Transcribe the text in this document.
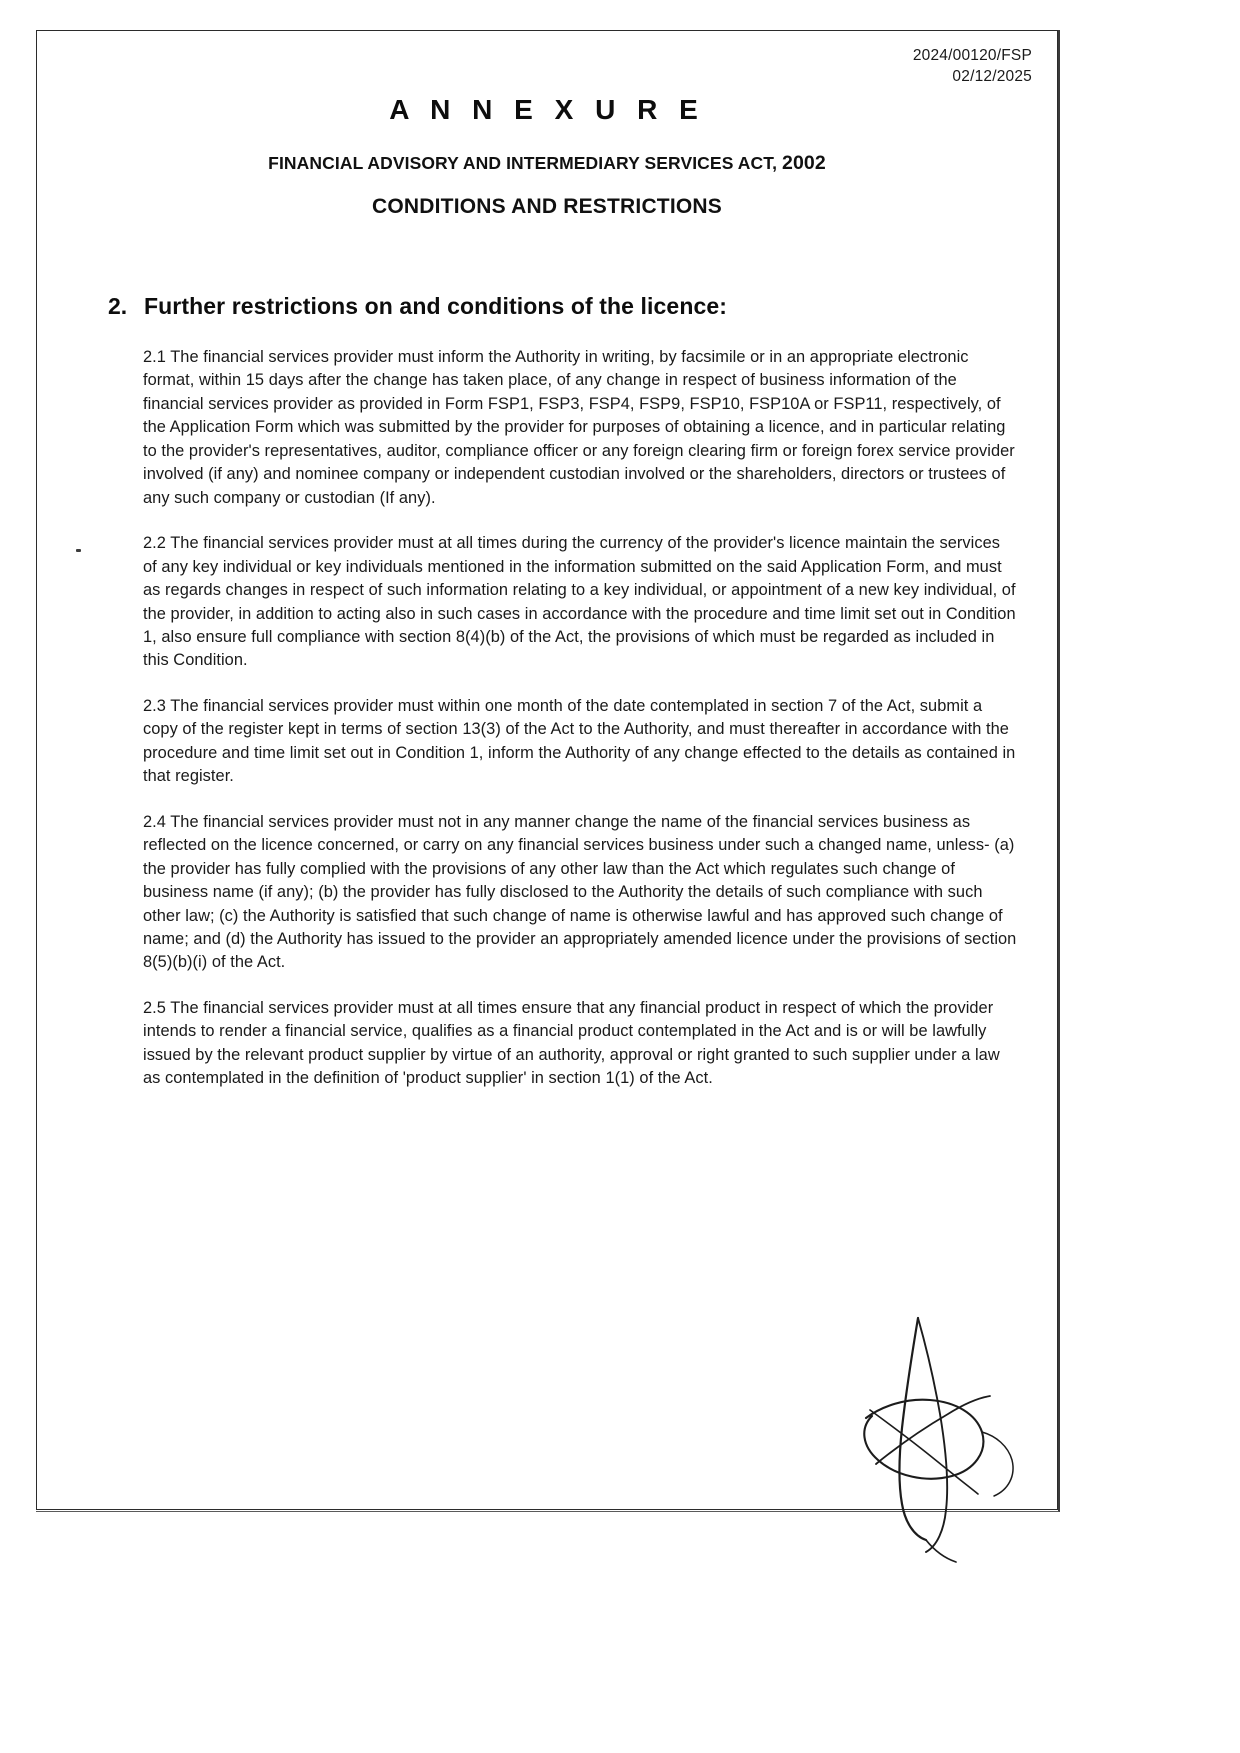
2024/00120/FSP
02/12/2025
A N N E X U R E
FINANCIAL ADVISORY AND INTERMEDIARY SERVICES ACT, 2002
CONDITIONS AND RESTRICTIONS
2. Further restrictions on and conditions of the licence:

2.1 The financial services provider must inform the Authority in writing, by facsimile or in an appropriate electronic format, within 15 days after the change has taken place, of any change in respect of business information of the financial services provider as provided in Form FSP1, FSP3, FSP4, FSP9, FSP10, FSP10A or FSP11, respectively, of the Application Form which was submitted by the provider for purposes of obtaining a licence, and in particular relating to the provider's representatives, auditor, compliance officer or any foreign clearing firm or foreign forex service provider involved (if any) and nominee company or independent custodian involved or the shareholders, directors or trustees of any such company or custodian (If any).

2.2 The financial services provider must at all times during the currency of the provider's licence maintain the services of any key individual or key individuals mentioned in the information submitted on the said Application Form, and must as regards changes in respect of such information relating to a key individual, or appointment of a new key individual, of the provider, in addition to acting also in such cases in accordance with the procedure and time limit set out in Condition 1, also ensure full compliance with section 8(4)(b) of the Act, the provisions of which must be regarded as included in this Condition.

2.3 The financial services provider must within one month of the date contemplated in section 7 of the Act, submit a copy of the register kept in terms of section 13(3) of the Act to the Authority, and must thereafter in accordance with the procedure and time limit set out in Condition 1, inform the Authority of any change effected to the details as contained in that register.

2.4 The financial services provider must not in any manner change the name of the financial services business as reflected on the licence concerned, or carry on any financial services business under such a changed name, unless- (a) the provider has fully complied with the provisions of any other law than the Act which regulates such change of business name (if any); (b) the provider has fully disclosed to the Authority the details of such compliance with such other law; (c) the Authority is satisfied that such change of name is otherwise lawful and has approved such change of name; and (d) the Authority has issued to the provider an appropriately amended licence under the provisions of section 8(5)(b)(i) of the Act.

2.5 The financial services provider must at all times ensure that any financial product in respect of which the provider intends to render a financial service, qualifies as a financial product contemplated in the Act and is or will be lawfully issued by the relevant product supplier by virtue of an authority, approval or right granted to such supplier under a law as contemplated in the definition of 'product supplier' in section 1(1) of the Act.
